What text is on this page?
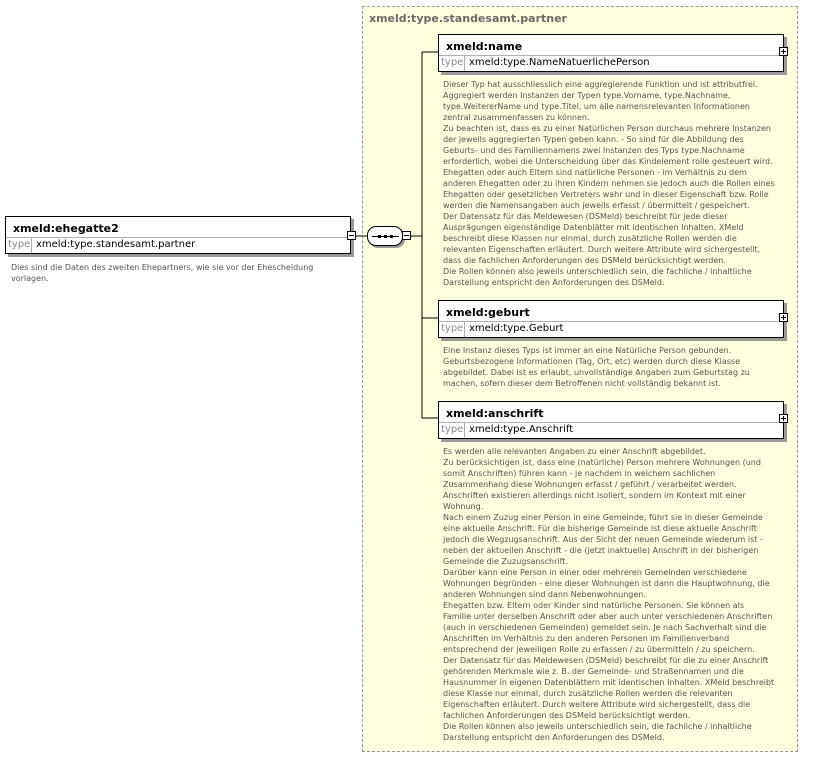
xmeld:type.standesamt.partner
xmeld:ehegatte2
type xmeld:type.standesamt.partner
Dies sind die Daten des zweiten Ehepartners, wie sie vor der Ehescheidung
vorlagen.
xmeld:name
type xmeld:type.NameNatuerlichePerson
Dieser Typ hat ausschliesslich eine aggregierende Funktion und ist attributfrei.
Aggregiert werden Instanzen der Typen type.Vorname, type.Nachname,
type.WeitererName und type.Titel, um alle namensrelevanten Informationen
zentral zusammenfassen zu können.
Zu beachten ist, dass es zu einer Natürlichen Person durchaus mehrere Instanzen
der jeweils aggregierten Typen geben kann. - So sind für die Abbildung des
Geburts- und des Familiennamens zwei Instanzen des Typs type.Nachname
erforderlich, wobei die Unterscheidung über das Kindelement rolle gesteuert wird.
Ehegatten oder auch Eltern sind natürliche Personen - im Verhältnis zu dem
anderen Ehegatten oder zu ihren Kindern nehmen sie jedoch auch die Rollen eines
Ehegatten oder gesetzlichen Vertreters wahr und in dieser Eigenschaft bzw. Rolle
werden die Namensangaben auch jeweils erfasst / übermittelt / gespeichert.
Der Datensatz für das Meldewesen (DSMeld) beschreibt für jede dieser
Ausprägungen eigenständige Datenblätter mit identischen Inhalten. XMeld
beschreibt diese Klassen nur einmal, durch zusätzliche Rollen werden die
relevanten Eigenschaften erläutert. Durch weitere Attribute wird sichergestellt,
dass die fachlichen Anforderungen des DSMeld berücksichtigt werden.
Die Rollen können also jeweils unterschiedlich sein, die fachliche / inhaltliche
Darstellung entspricht den Anforderungen des DSMeld.
xmeld:geburt
type xmeld:type.Geburt
Eine Instanz dieses Typs ist immer an eine Natürliche Person gebunden.
Geburtsbezogene Informationen (Tag, Ort, etc) werden durch diese Klasse
abgebildet. Dabei ist es erlaubt, unvollständige Angaben zum Geburtstag zu
machen, sofern dieser dem Betroffenen nicht vollständig bekannt ist.
xmeld:anschrift
type xmeld:type.Anschrift
Es werden alle relevanten Angaben zu einer Anschrift abgebildet.
Zu berücksichtigen ist, dass eine (natürliche) Person mehrere Wohnungen (und
somit Anschriften) führen kann - je nachdem in welchem sachlichen
Zusammenhang diese Wohnungen erfasst / geführt / verarbeitet werden.
Anschriften existieren allerdings nicht isoliert, sondern im Kontext mit einer
Wohnung.
Nach einem Zuzug einer Person in eine Gemeinde, führt sie in dieser Gemeinde
eine aktuelle Anschrift. Für die bisherige Gemeinde ist diese aktuelle Anschrift
jedoch die Wegzugsanschrift. Aus der Sicht der neuen Gemeinde wiederum ist -
neben der aktuellen Anschrift - die (jetzt inaktuelle) Anschrift in der bisherigen
Gemeinde die Zuzugsanschrift.
Darüber kann eine Person in einer oder mehreren Gemeinden verschiedene
Wohnungen begründen - eine dieser Wohnungen ist dann die Hauptwohnung, die
anderen Wohnungen sind dann Nebenwohnungen.
Ehegatten bzw. Eltern oder Kinder sind natürliche Personen. Sie können als
Familie unter derselben Anschrift oder aber auch unter verschiedenen Anschriften
(auch in verschiedenen Gemeinden) gemeldet sein. Je nach Sachverhalt sind die
Anschriften im Verhältnis zu den anderen Personen im Familienverband
entsprechend der jeweiligen Rolle zu erfassen / zu übermitteln / zu speichern.
Der Datensatz für das Meldewesen (DSMeld) beschreibt für die zu einer Anschrift
gehörenden Merkmale wie z. B. der Gemeinde- und Straßennamen und die
Hausnummer in eigenen Datenblättern mit identischen Inhalten. XMeld beschreibt
diese Klasse nur einmal, durch zusätzliche Rollen werden die relevanten
Eigenschaften erläutert. Durch weitere Attribute wird sichergestellt, dass die
fachlichen Anforderungen des DSMeld berücksichtigt werden.
Die Rollen können also jeweils unterschiedlich sein, die fachliche / inhaltliche
Darstellung entspricht den Anforderungen des DSMeld.
